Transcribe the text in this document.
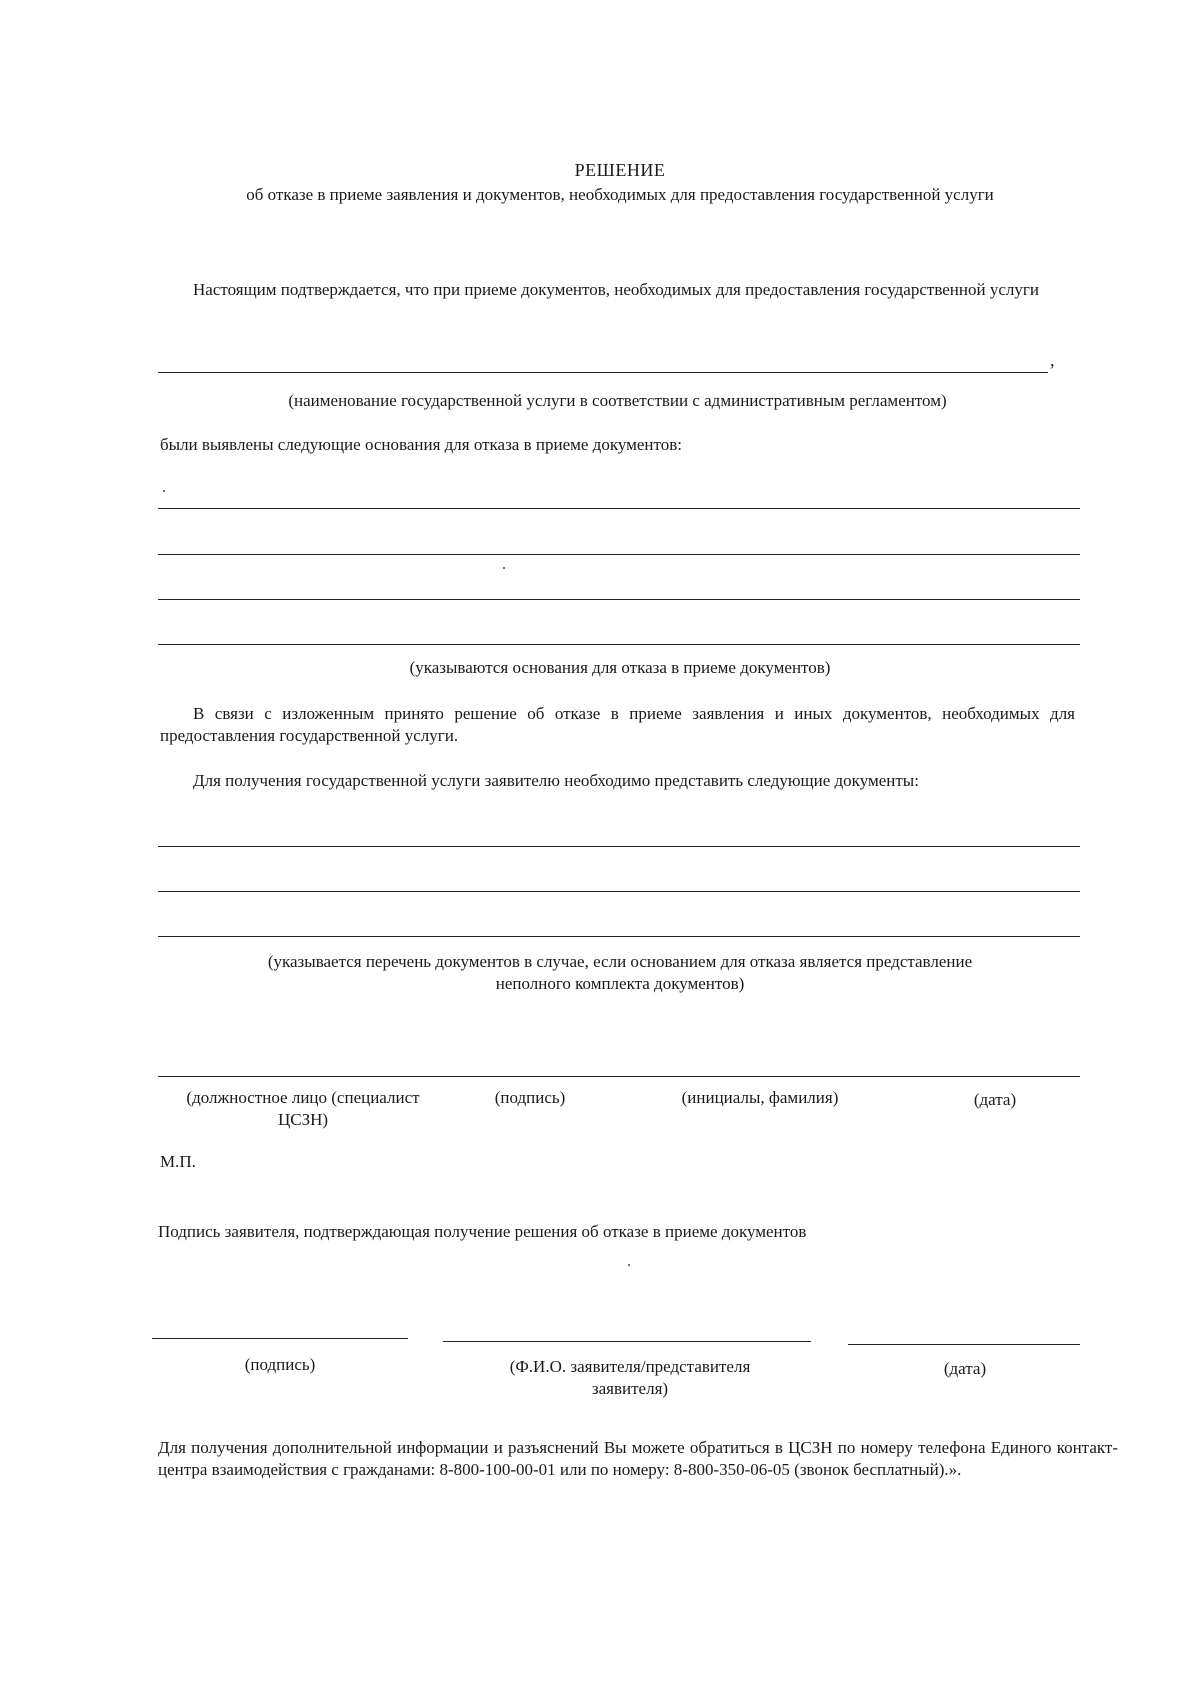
РЕШЕНИЕ
об отказе в приеме заявления и документов, необходимых для предоставления государственной услуги
Настоящим подтверждается, что при приеме документов, необходимых для предоставления государственной услуги
,
(наименование государственной услуги в соответствии с административным регламентом)
были выявлены следующие основания для отказа в приеме документов:
(указываются основания для отказа в приеме документов)
В связи с изложенным принято решение об отказе в приеме заявления и иных документов, необходимых для предоставления государственной услуги.
Для получения государственной услуги заявителю необходимо представить следующие документы:
(указывается перечень документов в случае, если основанием для отказа является представление
неполного комплекта документов)
(должностное лицо (специалист
ЦСЗН)
(подпись)	(инициалы, фамилия)	(дата)
М.П.
Подпись заявителя, подтверждающая получение решения об отказе в приеме документов
(подпись)	(Ф.И.О. заявителя/представителя
заявителя)
(дата)
Для получения дополнительной информации и разъяснений Вы можете обратиться в ЦСЗН по номеру телефона Единого контакт-центра взаимодействия с гражданами: 8-800-100-00-01 или по номеру: 8-800-350-06-05 (звонок бесплатный).».
